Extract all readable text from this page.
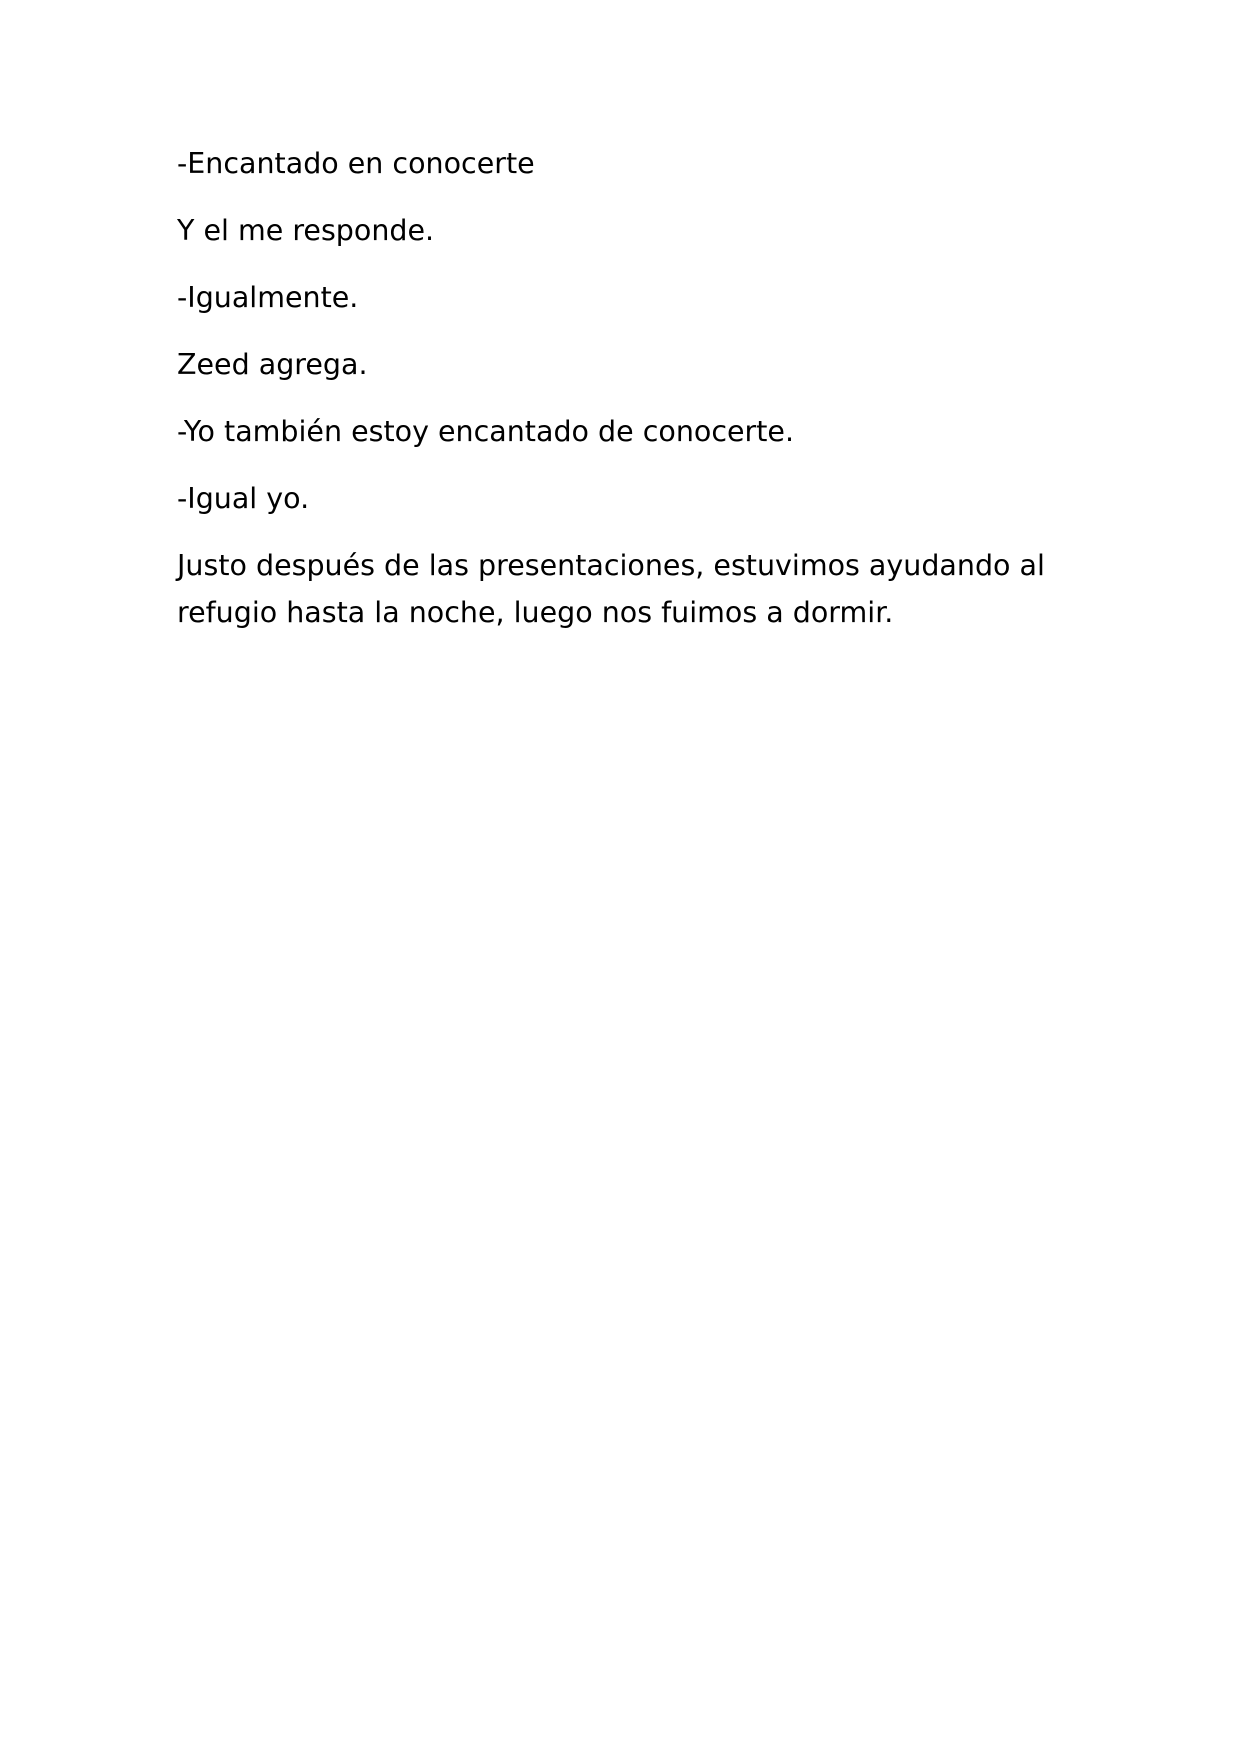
-Encantado en conocerte

Y el me responde.

-Igualmente.

Zeed agrega.

-Yo también estoy encantado de conocerte.

-Igual yo.

Justo después de las presentaciones, estuvimos ayudando al refugio hasta la noche, luego nos fuimos a dormir.
